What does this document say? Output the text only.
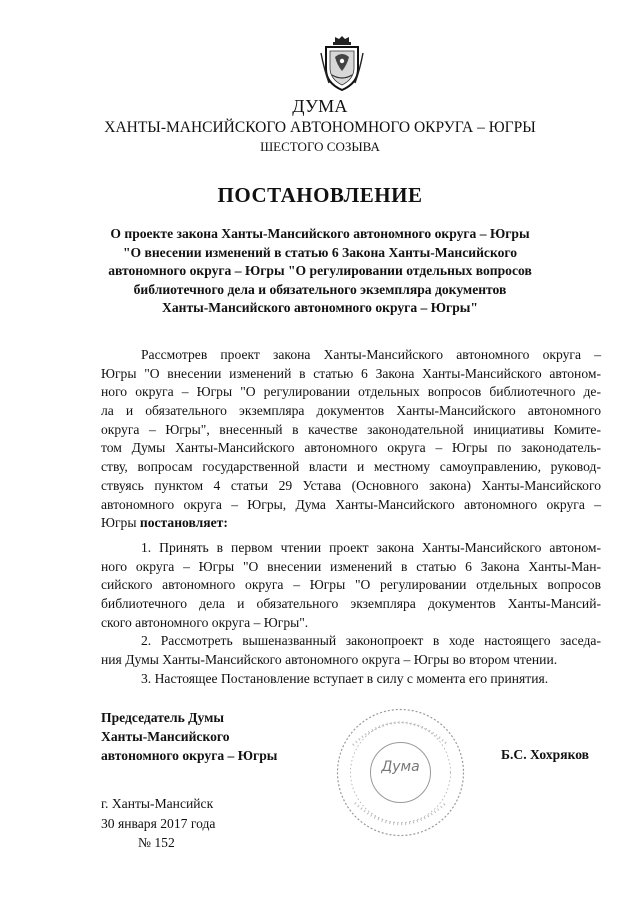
ДУМА
ХАНТЫ-МАНСИЙСКОГО АВТОНОМНОГО ОКРУГА – ЮГРЫ
ШЕСТОГО СОЗЫВА
ПОСТАНОВЛЕНИЕ
О проекте закона Ханты-Мансийского автономного округа – Югры
"О внесении изменений в статью 6 Закона Ханты-Мансийского
автономного округа – Югры "О регулировании отдельных вопросов
библиотечного дела и обязательного экземпляра документов
Ханты-Мансийского автономного округа – Югры"
Рассмотрев проект закона Ханты-Мансийского автономного округа –
Югры "О внесении изменений в статью 6 Закона Ханты-Мансийского автоном-
ного округа – Югры "О регулировании отдельных вопросов библиотечного де-
ла и обязательного экземпляра документов Ханты-Мансийского автономного
округа – Югры", внесенный в качестве законодательной инициативы Комите-
том Думы Ханты-Мансийского автономного округа – Югры по законодатель-
ству, вопросам государственной власти и местному самоуправлению, руковод-
ствуясь пунктом 4 статьи 29 Устава (Основного закона) Ханты-Мансийского
автономного округа – Югры, Дума Ханты-Мансийского автономного округа –
Югры постановляет:
1. Принять в первом чтении проект закона Ханты-Мансийского автоном-
ного округа – Югры "О внесении изменений в статью 6 Закона Ханты-Ман-
сийского автономного округа – Югры "О регулировании отдельных вопросов
библиотечного дела и обязательного экземпляра документов Ханты-Мансий-
ского автономного округа – Югры".
2. Рассмотреть вышеназванный законопроект в ходе настоящего заседа-
ния Думы Ханты-Мансийского автономного округа – Югры во втором чтении.
3. Настоящее Постановление вступает в силу с момента его принятия.
Председатель Думы
Ханты-Мансийского
автономного округа – Югры
Дума
Б.С. Хохряков
г. Ханты-Мансийск
30 января 2017 года
№ 152
